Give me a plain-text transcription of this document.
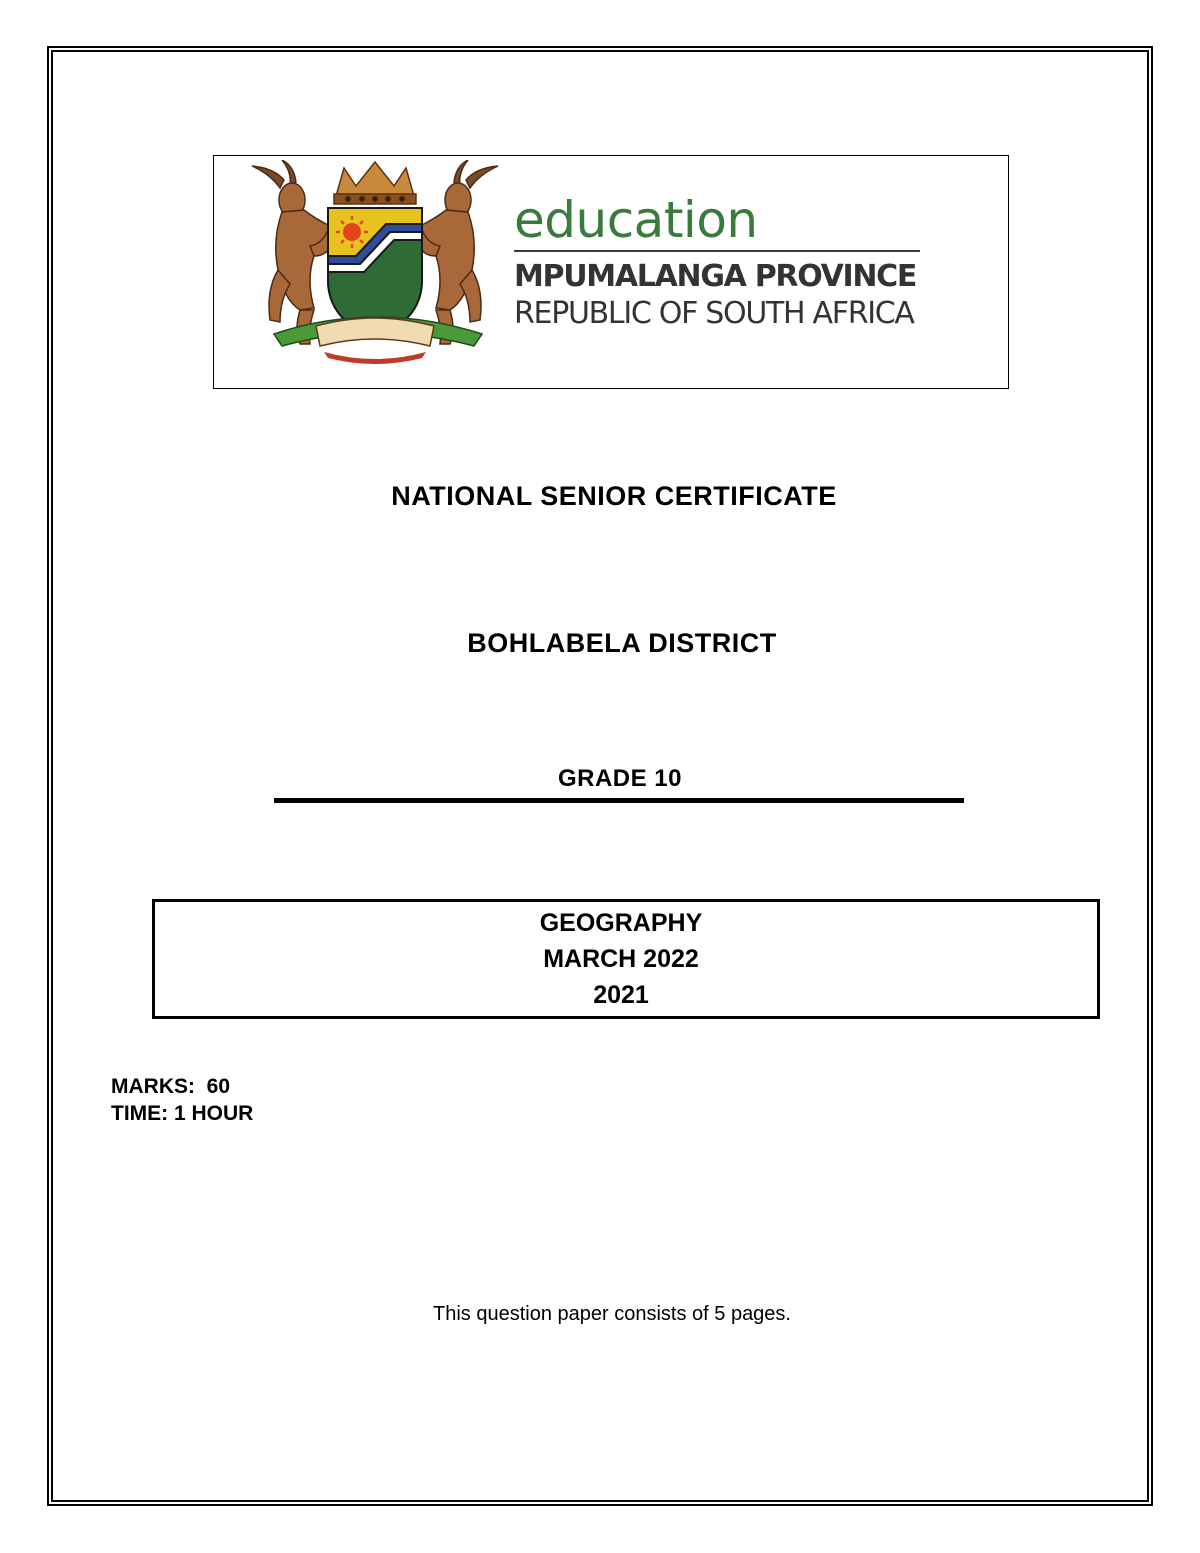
education
MPUMALANGA PROVINCE
REPUBLIC OF SOUTH AFRICA
NATIONAL SENIOR CERTIFICATE
BOHLABELA DISTRICT
GRADE 10
GEOGRAPHY
MARCH 2022
2021
MARKS:  60
TIME: 1 HOUR
This question paper consists of 5 pages.
